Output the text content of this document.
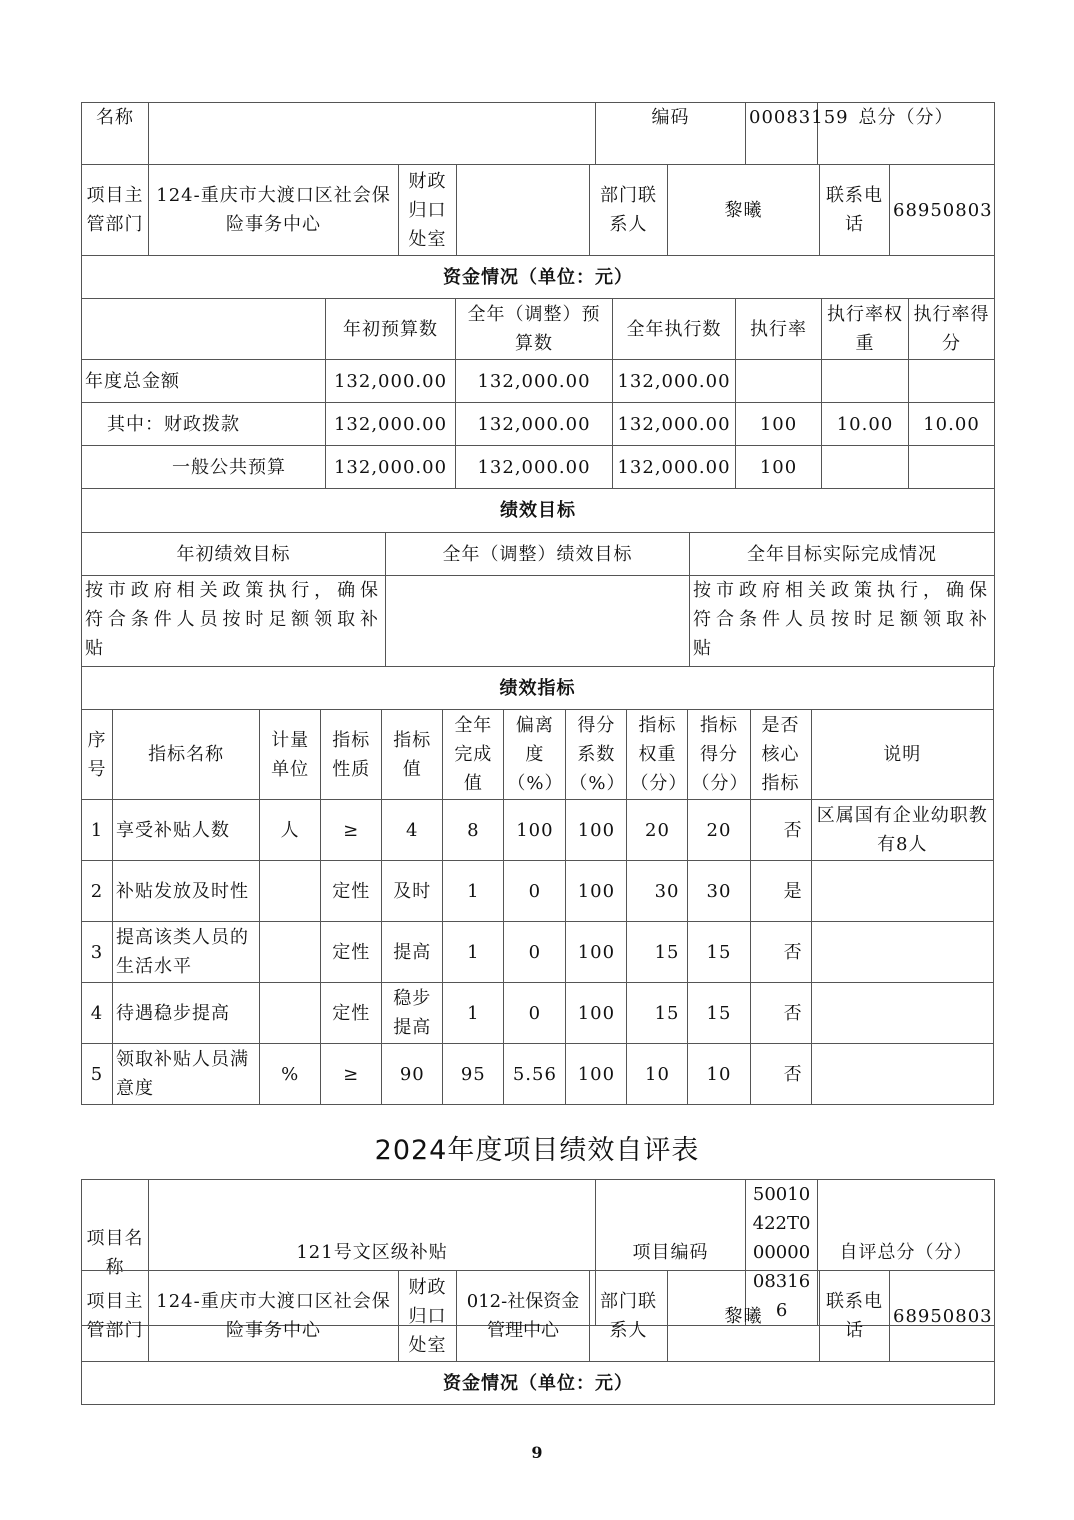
名称		编码	00083159	总分（分）	
项目主管部门	124-重庆市大渡口区社会保险事务中心	财政归口处室		部门联系人	黎曦	联系电话	68950803
资金情况（单位：元）						
	年初预算数	全年（调整）预算数	全年执行数	执行率	执行率权重	执行率得分
年度总金额	132,000.00	132,000.00	132,000.00			
其中：财政拨款	132,000.00	132,000.00	132,000.00	100	10.00	10.00
一般公共预算	132,000.00	132,000.00	132,000.00	100		
绩效目标		
年初绩效目标	全年（调整）绩效目标	全年目标实际完成情况
按市政府相关政策执行，确保符合条件人员按时足额领取补贴		按市政府相关政策执行，确保符合条件人员按时足额领取补贴
绩效指标											
序号	指标名称	计量单位	指标性质	指标值	全年完成值	偏离度（%）	得分系数（%）	指标权重（分）	指标得分（分）	是否核心指标	说明
1	享受补贴人数	人	≥	4	8	100	100	20	20	否	区属国有企业幼职教有8人
2	补贴发放及时性		定性	及时	1	0	100	30	30	是	
3	提高该类人员的生活水平		定性	提高	1	0	100	15	15	否	
4	待遇稳步提高		定性	稳步提高	1	0	100	15	15	否	
5	领取补贴人员满意度	%	≥	90	95	5.56	100	10	10	否	
2024年度项目绩效自评表
项目名称	121号文区级补贴	项目编码	50010422T000000083166	自评总分（分）	
项目主管部门	124-重庆市大渡口区社会保险事务中心	财政归口处室	012-社保资金管理中心	部门联系人	黎曦	联系电话	68950803
资金情况（单位：元）
9
